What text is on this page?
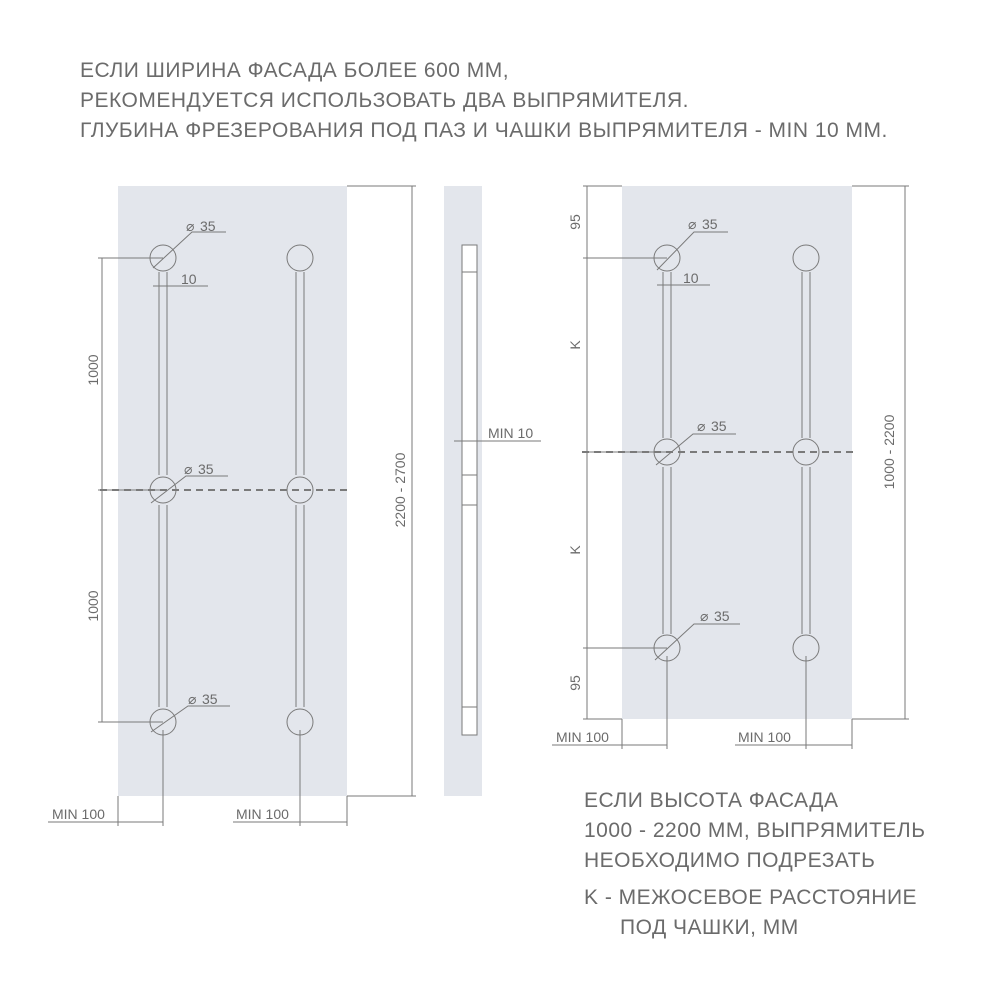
ЕСЛИ ШИРИНА ФАСАДА БОЛЕЕ 600 ММ,
РЕКОМЕНДУЕТСЯ ИСПОЛЬЗОВАТЬ ДВА ВЫПРЯМИТЕЛЯ.
ГЛУБИНА ФРЕЗЕРОВАНИЯ ПОД ПАЗ И ЧАШКИ ВЫПРЯМИТЕЛЯ - MIN 10 ММ.
⌀ 35
10
⌀ 35
⌀ 35
1000
1000
2200 - 2700
MIN 100	MIN 100
MIN 10
95
K
K
95
⌀ 35
10
⌀ 35
⌀ 35
1000 - 2200
MIN 100	MIN 100
ЕСЛИ ВЫСОТА ФАСАДА
1000 - 2200 ММ, ВЫПРЯМИТЕЛЬ
НЕОБХОДИМО ПОДРЕЗАТЬ
K - МЕЖОСЕВОЕ РАССТОЯНИЕ
ПОД ЧАШКИ, ММ
